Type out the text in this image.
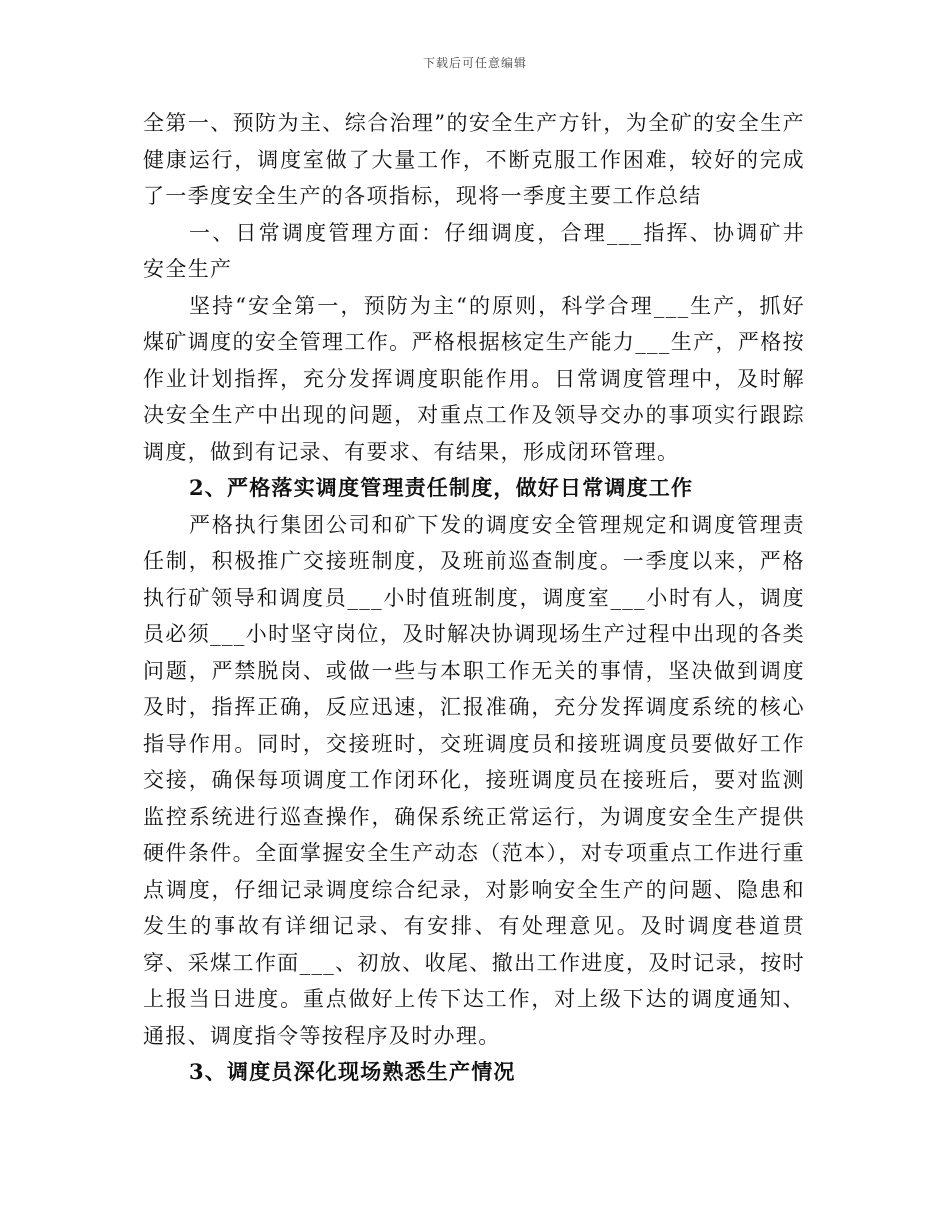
下载后可任意编辑

全第一、预防为主、综合治理”的安全生产方针，为全矿的安全生产健康运行，调度室做了大量工作，不断克服工作困难，较好的完成了一季度安全生产的各项指标，现将一季度主要工作总结

一、日常调度管理方面：仔细调度，合理___指挥、协调矿井安全生产

坚持“安全第一，预防为主“的原则，科学合理___生产，抓好煤矿调度的安全管理工作。严格根据核定生产能力___生产，严格按作业计划指挥，充分发挥调度职能作用。日常调度管理中，及时解决安全生产中出现的问题，对重点工作及领导交办的事项实行跟踪调度，做到有记录、有要求、有结果，形成闭环管理。

2、严格落实调度管理责任制度，做好日常调度工作

严格执行集团公司和矿下发的调度安全管理规定和调度管理责任制，积极推广交接班制度，及班前巡查制度。一季度以来，严格执行矿领导和调度员___小时值班制度，调度室___小时有人，调度员必须___小时坚守岗位，及时解决协调现场生产过程中出现的各类问题，严禁脱岗、或做一些与本职工作无关的事情，坚决做到调度及时，指挥正确，反应迅速，汇报准确，充分发挥调度系统的核心指导作用。同时，交接班时，交班调度员和接班调度员要做好工作交接，确保每项调度工作闭环化，接班调度员在接班后，要对监测监控系统进行巡查操作，确保系统正常运行，为调度安全生产提供硬件条件。全面掌握安全生产动态（范本），对专项重点工作进行重点调度，仔细记录调度综合纪录，对影响安全生产的问题、隐患和发生的事故有详细记录、有安排、有处理意见。及时调度巷道贯穿、采煤工作面___、初放、收尾、撤出工作进度，及时记录，按时上报当日进度。重点做好上传下达工作，对上级下达的调度通知、通报、调度指令等按程序及时办理。

3、调度员深化现场熟悉生产情况
